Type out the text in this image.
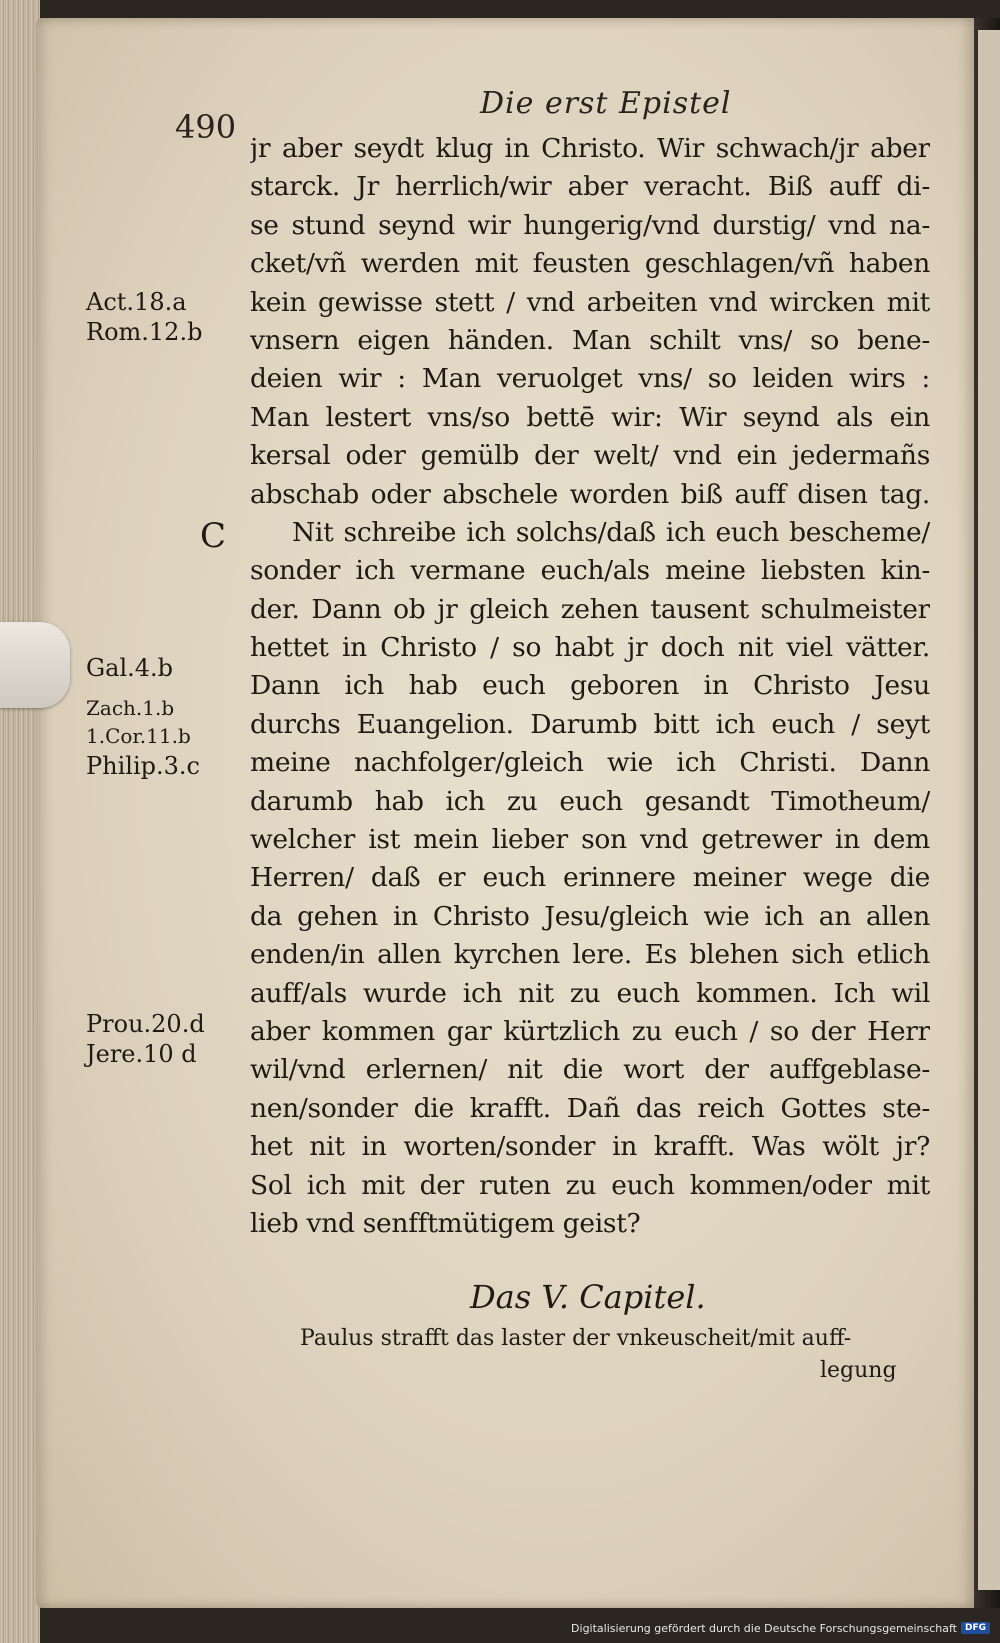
490
Die erst Epistel
C
Act.18.a
Rom.12.b
Gal.4.b
Zach.1.b
1.Cor.11.b
Philip.3.c
Prou.20.d
Jere.10 d
jr aber seydt klug in Christo. Wir schwach/jr aber
starck. Jr herrlich/wir aber veracht. Biß auff di-
se stund seynd wir hungerig/vnd durstig/ vnd na-
cket/vñ werden mit feusten geschlagen/vñ haben
kein gewisse stett / vnd arbeiten vnd wircken mit
vnsern eigen händen. Man schilt vns/ so bene-
deien wir : Man veruolget vns/ so leiden wirs :
Man lestert vns/so bettē wir: Wir seynd als ein
kersal oder gemülb der welt/ vnd ein jedermañs
abschab oder abschele worden biß auff disen tag.
Nit schreibe ich solchs/daß ich euch bescheme/
sonder ich vermane euch/als meine liebsten kin-
der. Dann ob jr gleich zehen tausent schulmeister
hettet in Christo / so habt jr doch nit viel vätter.
Dann ich hab euch geboren in Christo Jesu
durchs Euangelion. Darumb bitt ich euch / seyt
meine nachfolger/gleich wie ich Christi. Dann
darumb hab ich zu euch gesandt Timotheum/
welcher ist mein lieber son vnd getrewer in dem
Herren/ daß er euch erinnere meiner wege die
da gehen in Christo Jesu/gleich wie ich an allen
enden/in allen kyrchen lere. Es blehen sich etlich
auff/als wurde ich nit zu euch kommen. Ich wil
aber kommen gar kürtzlich zu euch / so der Herr
wil/vnd erlernen/ nit die wort der auffgeblase-
nen/sonder die krafft. Dañ das reich Gottes ste-
het nit in worten/sonder in krafft. Was wölt jr?
Sol ich mit der ruten zu euch kommen/oder mit
lieb vnd senfftmütigem geist?
Das V. Capitel.
Paulus strafft das laster der vnkeuscheit/mit auff-
legung
Digitalisierung gefördert durch die Deutsche Forschungsgemeinschaft DFG
